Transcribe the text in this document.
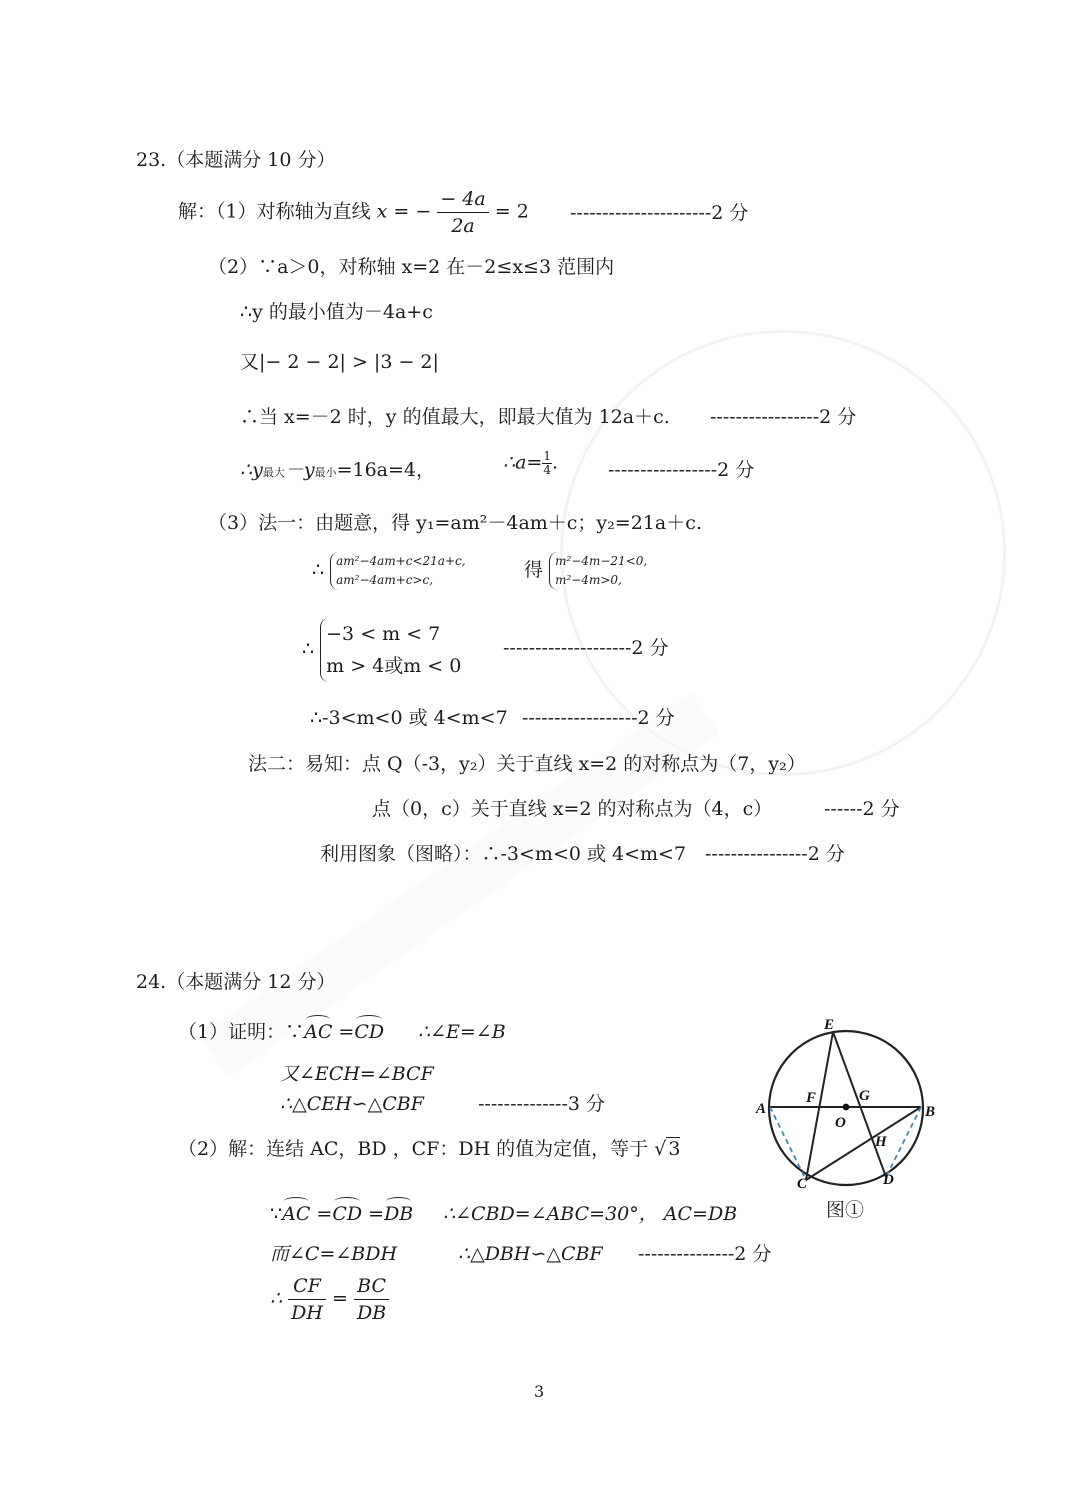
23.（本题满分 10 分）
解：（1）对称轴为直线 x = − $\frac{- 4a}{2a} = 2$ ----------------------2 分
（2）∵a＞0，对称轴 x=2 在－2≤x≤3 范围内
∴y 的最小值为－4a+c
又|− 2 − 2| > |3 − 2|
∴当 x=－2 时，y 的值最大，即最大值为 12a＋c. -----------------2 分
∴y最大－y最小=16a=4，	∴a= $\frac{1}{4}$ .	-----------------2 分
（3）法一：由题意，得 y₁=am²－4am＋c；y₂=21a＋c.
∴ am²−4am+c<21a+c,
am²−4am+c>c,	得 m²−4m−21<0,
m²−4m>0,
∴ −3 < m < 7
m > 4或m < 0
--------------------2 分
∴-3<m<0 或 4<m<7 ------------------2 分
法二：易知：点 Q（-3，y₂）关于直线 x=2 的对称点为（7，y₂）
点（0，c）关于直线 x=2 的对称点为（4，c）	------2 分
利用图象（图略）：∴-3<m<0 或 4<m<7 ----------------2 分
24.（本题满分 12 分）
（1）证明：∵AC =CD ∴∠E=∠B
又∠ECH=∠BCF
∴△CEH∽△CBF	--------------3 分
（2）解：连结 AC，BD ，CF：DH 的值为定值，等于 √ 3
∵AC =CD =DB ∴∠CBD=∠ABC=30°， AC=DB
而∠C=∠BDH	∴△DBH∽△CBF ---------------2 分
∴ $\frac{CF}{DH} = \frac{BC}{DB}$
E
A
F	G
B
O
H
C	D
图①
3
